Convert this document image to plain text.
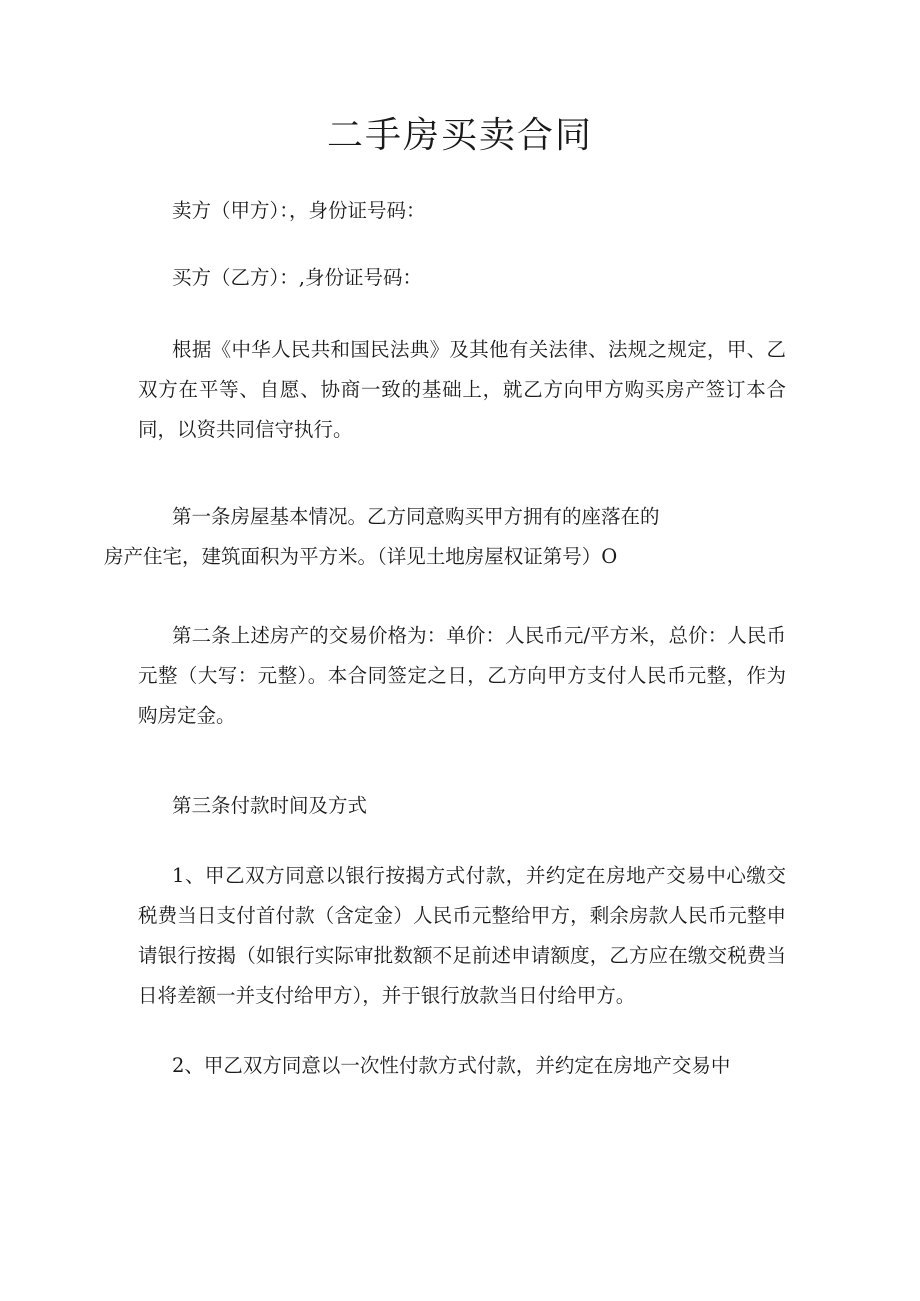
二手房买卖合同

卖方（甲方）：，身份证号码：

买方（乙方）：,身份证号码：

根据《中华人民共和国民法典》及其他有关法律、法规之规定，甲、乙双方在平等、自愿、协商一致的基础上，就乙方向甲方购买房产签订本合同，以资共同信守执行。

第一条房屋基本情况。乙方同意购买甲方拥有的座落在的
房产住宅，建筑面积为平方米。（详见土地房屋权证第号）O

第二条上述房产的交易价格为：单价：人民币元/平方米，总价：人民币元整（大写：元整）。本合同签定之日，乙方向甲方支付人民币元整，作为购房定金。

第三条付款时间及方式

1、甲乙双方同意以银行按揭方式付款，并约定在房地产交易中心缴交税费当日支付首付款（含定金）人民币元整给甲方，剩余房款人民币元整申请银行按揭（如银行实际审批数额不足前述申请额度，乙方应在缴交税费当日将差额一并支付给甲方），并于银行放款当日付给甲方。

2、甲乙双方同意以一次性付款方式付款，并约定在房地产交易中
